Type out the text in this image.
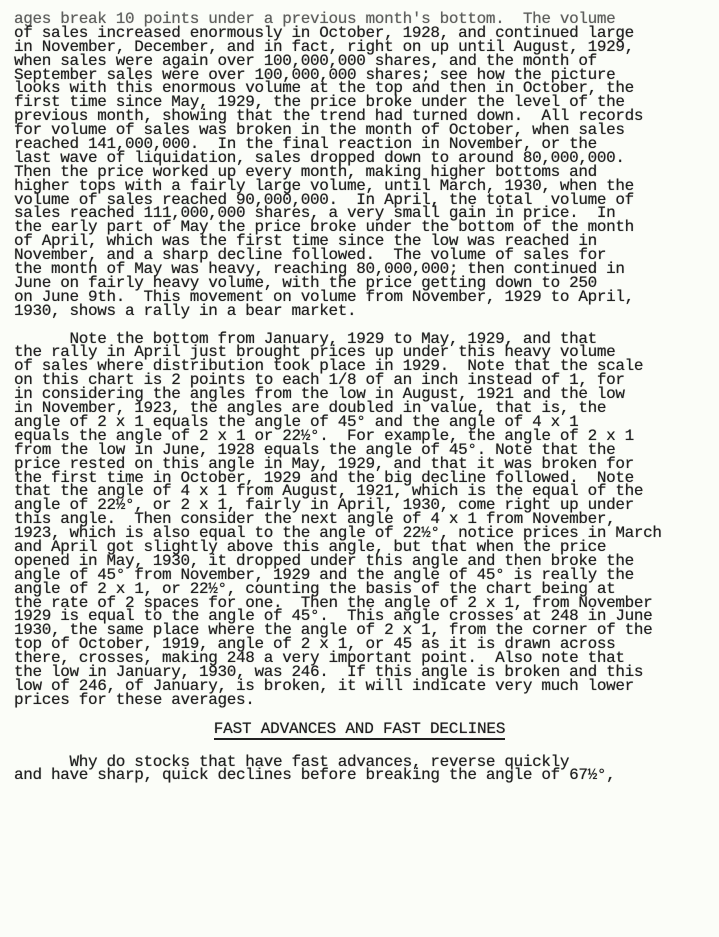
ages break 10 points under a previous month's bottom.  The volume
of sales increased enormously in October, 1928, and continued large
in November, December, and in fact, right on up until August, 1929,
when sales were again over 100,000,000 shares, and the month of
September sales were over 100,000,000 shares; see how the picture
looks with this enormous volume at the top and then in October, the
first time since May, 1929, the price broke under the level of the
previous month, showing that the trend had turned down.  All records
for volume of sales was broken in the month of October, when sales
reached 141,000,000.  In the final reaction in November, or the
last wave of liquidation, sales dropped down to around 80,000,000.
Then the price worked up every month, making higher bottoms and
higher tops with a fairly large volume, until March, 1930, when the
volume of sales reached 90,000,000.  In April, the total  volume of
sales reached 111,000,000 shares, a very small gain in price.  In
the early part of May the price broke under the bottom of the month
of April, which was the first time since the low was reached in
November, and a sharp decline followed.  The volume of sales for
the month of May was heavy, reaching 80,000,000; then continued in
June on fairly heavy volume, with the price getting down to 250
on June 9th.  This movement on volume from November, 1929 to April,
1930, shows a rally in a bear market.

Note the bottom from January, 1929 to May, 1929, and that
the rally in April just brought prices up under this heavy volume
of sales where distribution took place in 1929.  Note that the scale
on this chart is 2 points to each 1/8 of an inch instead of 1, for
in considering the angles from the low in August, 1921 and the low
in November, 1923, the angles are doubled in value, that is, the
angle of 2 x 1 equals the angle of 45° and the angle of 4 x 1
equals the angle of 2 x 1 or 22½°.  For example, the angle of 2 x 1
from the low in June, 1928 equals the angle of 45°. Note that the
price rested on this angle in May, 1929, and that it was broken for
the first time in October, 1929 and the big decline followed.  Note
that the angle of 4 x 1 from August, 1921, which is the equal of the
angle of 22½°, or 2 x 1, fairly in April, 1930, come right up under
this angle.  Then consider the next angle of 4 x 1 from November,
1923, which is also equal to the angle of 22½°, notice prices in March
and April got slightly above this angle, but that when the price
opened in May, 1930, it dropped under this angle and then broke the
angle of 45° from November, 1929 and the angle of 45° is really the
angle of 2 x 1, or 22½°, counting the basis of the chart being at
the rate of 2 spaces for one.  Then the angle of 2 x 1, from November
1929 is equal to the angle of 45°.  This angle crosses at 248 in June
1930, the same place where the angle of 2 x 1, from the corner of the
top of October, 1919, angle of 2 x 1, or 45 as it is drawn across
there, crosses, making 248 a very important point.  Also note that
the low in January, 1930, was 246.  If this angle is broken and this
low of 246, of January, is broken, it will indicate very much lower
prices for these averages.

FAST ADVANCES AND FAST DECLINES

Why do stocks that have fast advances, reverse quickly
and have sharp, quick declines before breaking the angle of 67½°,
